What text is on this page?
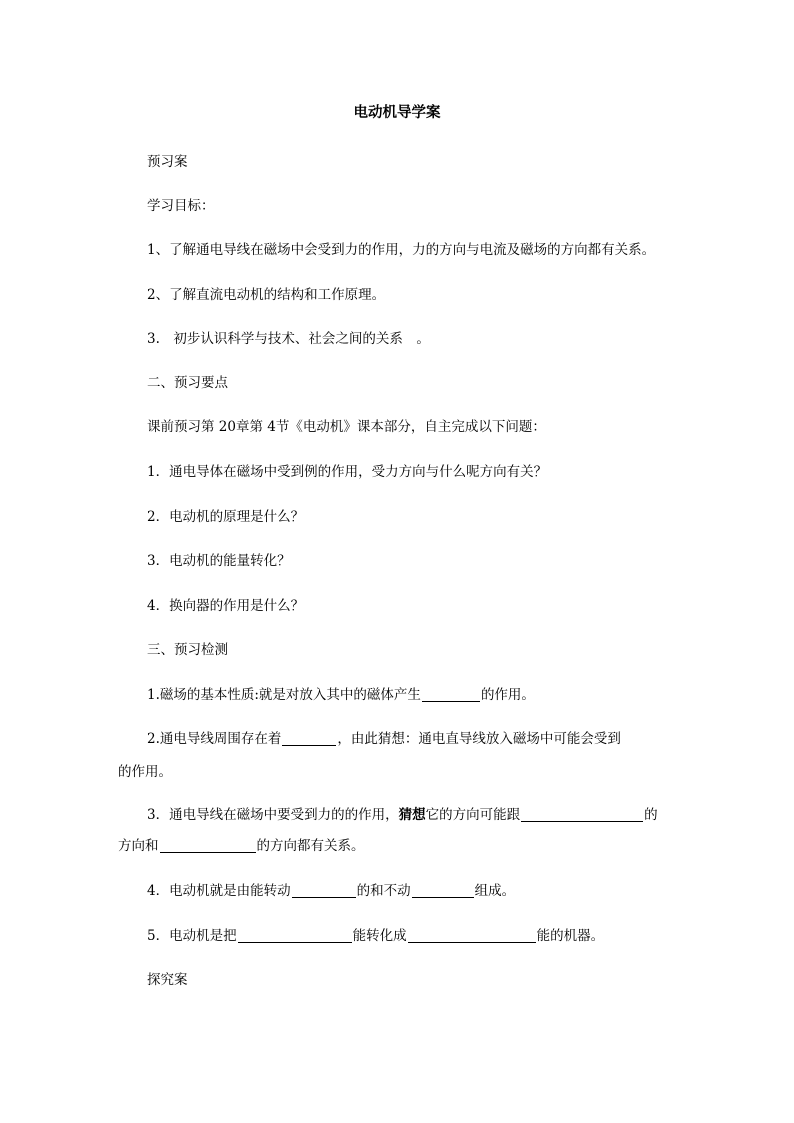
电动机导学案
预习案
学习目标：
1、了解通电导线在磁场中会受到力的作用，力的方向与电流及磁场的方向都有关系。
2、了解直流电动机的结构和工作原理。
3.　初步认识科学与技术、社会之间的关系　。
二、预习要点
课前预习第 20章第 4节《电动机》课本部分，自主完成以下问题：
1．通电导体在磁场中受到例的作用，受力方向与什么呢方向有关？
2．电动机的原理是什么？
3．电动机的能量转化？
4．换向器的作用是什么？
三、预习检测
1.磁场的基本性质:就是对放入其中的磁体产生	的作用。
2.通电导线周围存在着	，由此猜想：通电直导线放入磁场中可能会受到
的作用。
3．通电导线在磁场中要受到力的的作用，猜想它的方向可能跟	的
方向和	的方向都有关系。
4．电动机就是由能转动	的和不动	组成。
5．电动机是把	能转化成	能的机器。
探究案
